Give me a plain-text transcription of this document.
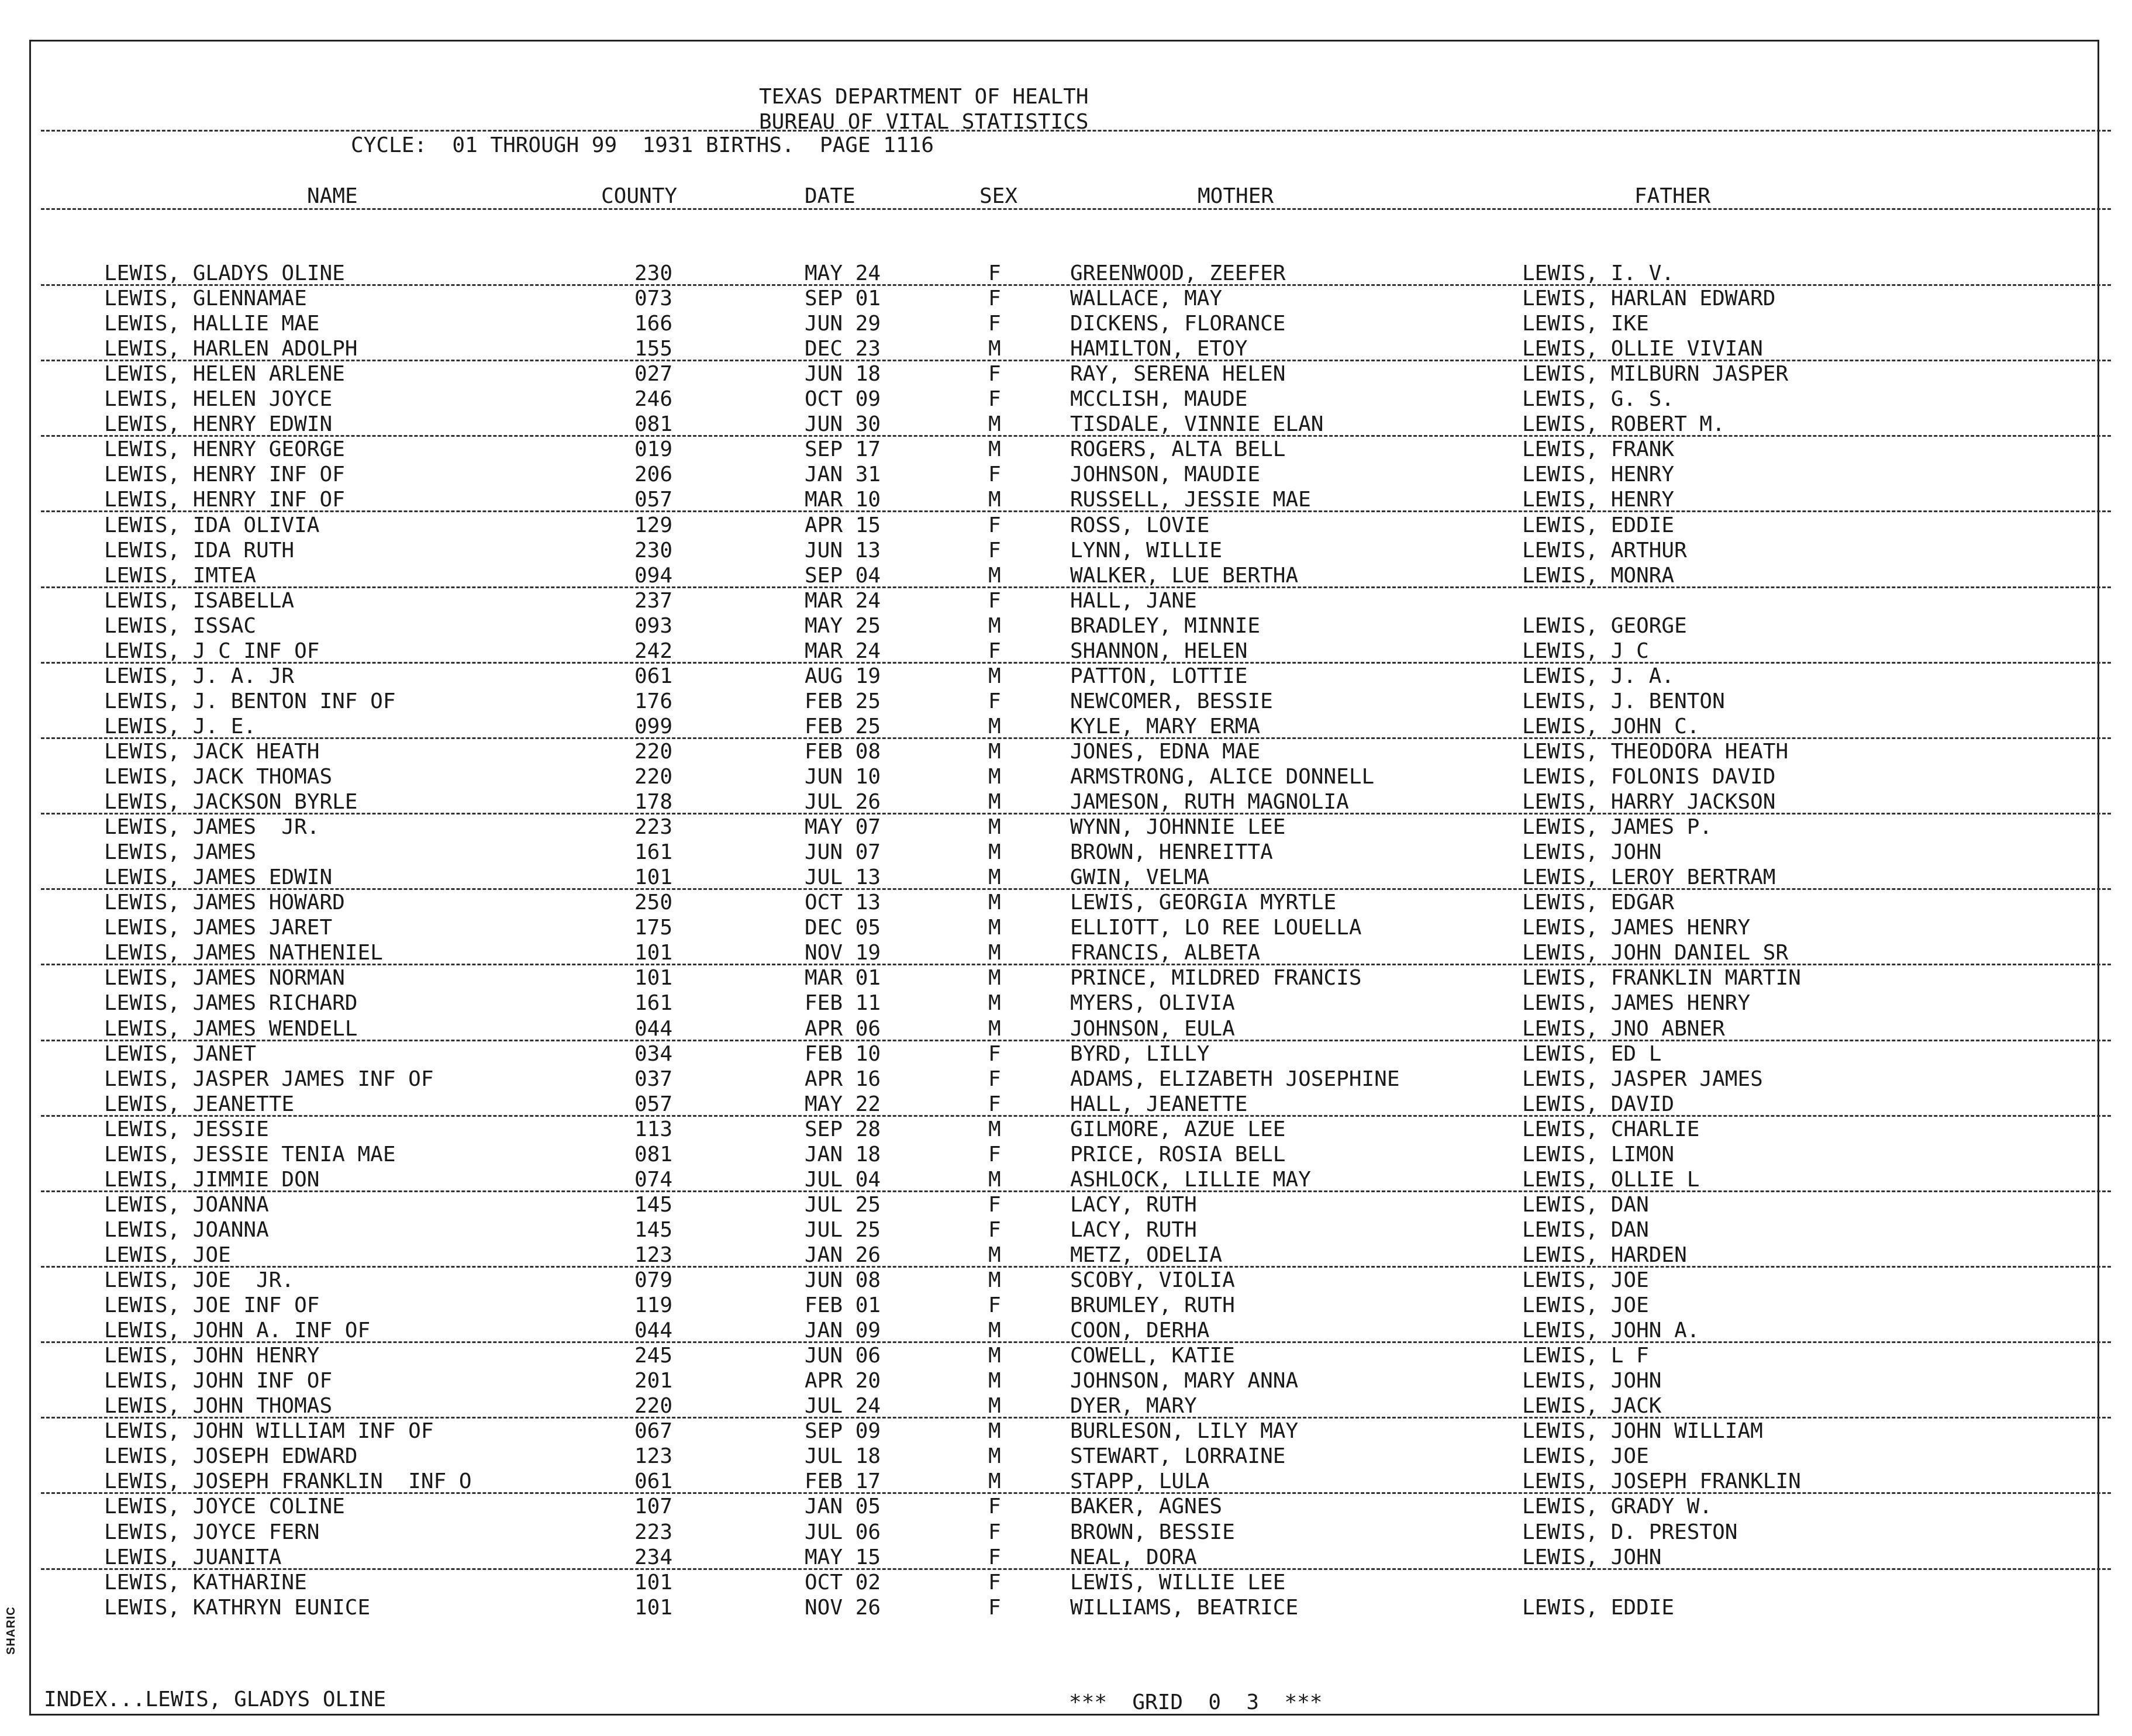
SHARIC
TEXAS DEPARTMENT OF HEALTH
BUREAU OF VITAL STATISTICS
CYCLE:  01 THROUGH 99  1931 BIRTHS.  PAGE 1116
NAME	COUNTY	DATE	SEX	MOTHER	FATHER
LEWIS, GLADYS OLINE	230	MAY 24	F	GREENWOOD, ZEEFER	LEWIS, I. V.
LEWIS, GLENNAMAE	073	SEP 01	F	WALLACE, MAY	LEWIS, HARLAN EDWARD
LEWIS, HALLIE MAE	166	JUN 29	F	DICKENS, FLORANCE	LEWIS, IKE
LEWIS, HARLEN ADOLPH	155	DEC 23	M	HAMILTON, ETOY	LEWIS, OLLIE VIVIAN
LEWIS, HELEN ARLENE	027	JUN 18	F	RAY, SERENA HELEN	LEWIS, MILBURN JASPER
LEWIS, HELEN JOYCE	246	OCT 09	F	MCCLISH, MAUDE	LEWIS, G. S.
LEWIS, HENRY EDWIN	081	JUN 30	M	TISDALE, VINNIE ELAN	LEWIS, ROBERT M.
LEWIS, HENRY GEORGE	019	SEP 17	M	ROGERS, ALTA BELL	LEWIS, FRANK
LEWIS, HENRY INF OF	206	JAN 31	F	JOHNSON, MAUDIE	LEWIS, HENRY
LEWIS, HENRY INF OF	057	MAR 10	M	RUSSELL, JESSIE MAE	LEWIS, HENRY
LEWIS, IDA OLIVIA	129	APR 15	F	ROSS, LOVIE	LEWIS, EDDIE
LEWIS, IDA RUTH	230	JUN 13	F	LYNN, WILLIE	LEWIS, ARTHUR
LEWIS, IMTEA	094	SEP 04	M	WALKER, LUE BERTHA	LEWIS, MONRA
LEWIS, ISABELLA	237	MAR 24	F	HALL, JANE
LEWIS, ISSAC	093	MAY 25	M	BRADLEY, MINNIE	LEWIS, GEORGE
LEWIS, J C INF OF	242	MAR 24	F	SHANNON, HELEN	LEWIS, J C
LEWIS, J. A. JR	061	AUG 19	M	PATTON, LOTTIE	LEWIS, J. A.
LEWIS, J. BENTON INF OF	176	FEB 25	F	NEWCOMER, BESSIE	LEWIS, J. BENTON
LEWIS, J. E.	099	FEB 25	M	KYLE, MARY ERMA	LEWIS, JOHN C.
LEWIS, JACK HEATH	220	FEB 08	M	JONES, EDNA MAE	LEWIS, THEODORA HEATH
LEWIS, JACK THOMAS	220	JUN 10	M	ARMSTRONG, ALICE DONNELL	LEWIS, FOLONIS DAVID
LEWIS, JACKSON BYRLE	178	JUL 26	M	JAMESON, RUTH MAGNOLIA	LEWIS, HARRY JACKSON
LEWIS, JAMES  JR.	223	MAY 07	M	WYNN, JOHNNIE LEE	LEWIS, JAMES P.
LEWIS, JAMES	161	JUN 07	M	BROWN, HENREITTA	LEWIS, JOHN
LEWIS, JAMES EDWIN	101	JUL 13	M	GWIN, VELMA	LEWIS, LEROY BERTRAM
LEWIS, JAMES HOWARD	250	OCT 13	M	LEWIS, GEORGIA MYRTLE	LEWIS, EDGAR
LEWIS, JAMES JARET	175	DEC 05	M	ELLIOTT, LO REE LOUELLA	LEWIS, JAMES HENRY
LEWIS, JAMES NATHENIEL	101	NOV 19	M	FRANCIS, ALBETA	LEWIS, JOHN DANIEL SR
LEWIS, JAMES NORMAN	101	MAR 01	M	PRINCE, MILDRED FRANCIS	LEWIS, FRANKLIN MARTIN
LEWIS, JAMES RICHARD	161	FEB 11	M	MYERS, OLIVIA	LEWIS, JAMES HENRY
LEWIS, JAMES WENDELL	044	APR 06	M	JOHNSON, EULA	LEWIS, JNO ABNER
LEWIS, JANET	034	FEB 10	F	BYRD, LILLY	LEWIS, ED L
LEWIS, JASPER JAMES INF OF	037	APR 16	F	ADAMS, ELIZABETH JOSEPHINE	LEWIS, JASPER JAMES
LEWIS, JEANETTE	057	MAY 22	F	HALL, JEANETTE	LEWIS, DAVID
LEWIS, JESSIE	113	SEP 28	M	GILMORE, AZUE LEE	LEWIS, CHARLIE
LEWIS, JESSIE TENIA MAE	081	JAN 18	F	PRICE, ROSIA BELL	LEWIS, LIMON
LEWIS, JIMMIE DON	074	JUL 04	M	ASHLOCK, LILLIE MAY	LEWIS, OLLIE L
LEWIS, JOANNA	145	JUL 25	F	LACY, RUTH	LEWIS, DAN
LEWIS, JOANNA	145	JUL 25	F	LACY, RUTH	LEWIS, DAN
LEWIS, JOE	123	JAN 26	M	METZ, ODELIA	LEWIS, HARDEN
LEWIS, JOE  JR.	079	JUN 08	M	SCOBY, VIOLIA	LEWIS, JOE
LEWIS, JOE INF OF	119	FEB 01	F	BRUMLEY, RUTH	LEWIS, JOE
LEWIS, JOHN A. INF OF	044	JAN 09	M	COON, DERHA	LEWIS, JOHN A.
LEWIS, JOHN HENRY	245	JUN 06	M	COWELL, KATIE	LEWIS, L F
LEWIS, JOHN INF OF	201	APR 20	M	JOHNSON, MARY ANNA	LEWIS, JOHN
LEWIS, JOHN THOMAS	220	JUL 24	M	DYER, MARY	LEWIS, JACK
LEWIS, JOHN WILLIAM INF OF	067	SEP 09	M	BURLESON, LILY MAY	LEWIS, JOHN WILLIAM
LEWIS, JOSEPH EDWARD	123	JUL 18	M	STEWART, LORRAINE	LEWIS, JOE
LEWIS, JOSEPH FRANKLIN  INF O	061	FEB 17	M	STAPP, LULA	LEWIS, JOSEPH FRANKLIN
LEWIS, JOYCE COLINE	107	JAN 05	F	BAKER, AGNES	LEWIS, GRADY W.
LEWIS, JOYCE FERN	223	JUL 06	F	BROWN, BESSIE	LEWIS, D. PRESTON
LEWIS, JUANITA	234	MAY 15	F	NEAL, DORA	LEWIS, JOHN
LEWIS, KATHARINE	101	OCT 02	F	LEWIS, WILLIE LEE
LEWIS, KATHRYN EUNICE	101	NOV 26	F	WILLIAMS, BEATRICE	LEWIS, EDDIE
INDEX...LEWIS, GLADYS OLINE	***  GRID  0  3  ***
